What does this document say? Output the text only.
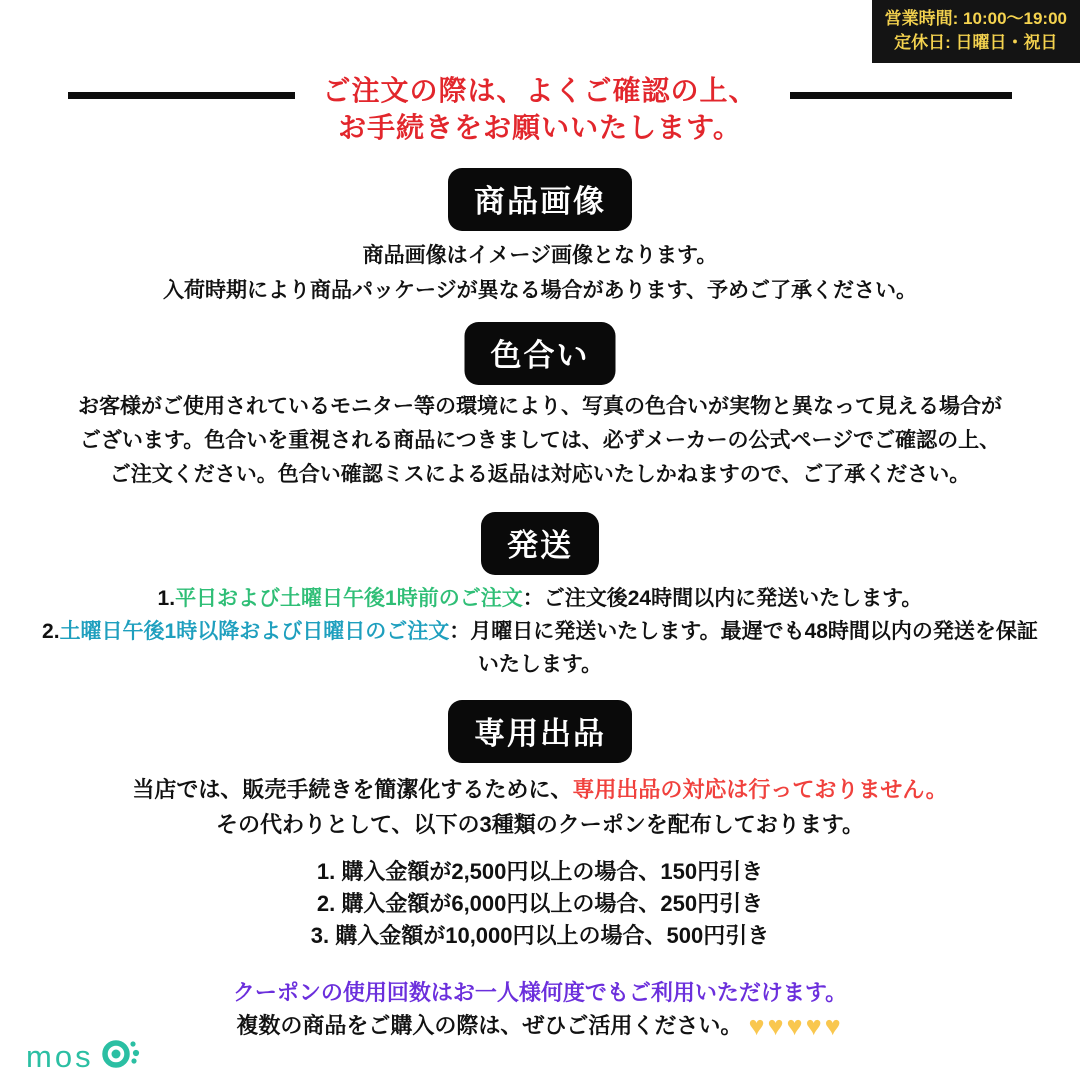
営業時間: 10:00〜19:00
定休日: 日曜日・祝日
ご注文の際は、よくご確認の上、
お手続きをお願いいたします。
商品画像
商品画像はイメージ画像となります。
入荷時期により商品パッケージが異なる場合があります、予めご了承ください。
色合い
お客様がご使用されているモニター等の環境により、写真の色合いが実物と異なって見える場合が
ございます。色合いを重視される商品につきましては、必ずメーカーの公式ページでご確認の上、
ご注文ください。色合い確認ミスによる返品は対応いたしかねますので、ご了承ください。
発送
1.平日および土曜日午後1時前のご注文：ご注文後24時間以内に発送いたします。
2.土曜日午後1時以降および日曜日のご注文：月曜日に発送いたします。最遅でも48時間以内の発送を保証いたします。
専用出品
当店では、販売手続きを簡潔化するために、専用出品の対応は行っておりません。
その代わりとして、以下の3種類のクーポンを配布しております。
1. 購入金額が2,500円以上の場合、150円引き
2. 購入金額が6,000円以上の場合、250円引き
3. 購入金額が10,000円以上の場合、500円引き
クーポンの使用回数はお一人様何度でもご利用いただけます。
複数の商品をご購入の際は、ぜひご活用ください。 ♥♥♥♥♥
mos
